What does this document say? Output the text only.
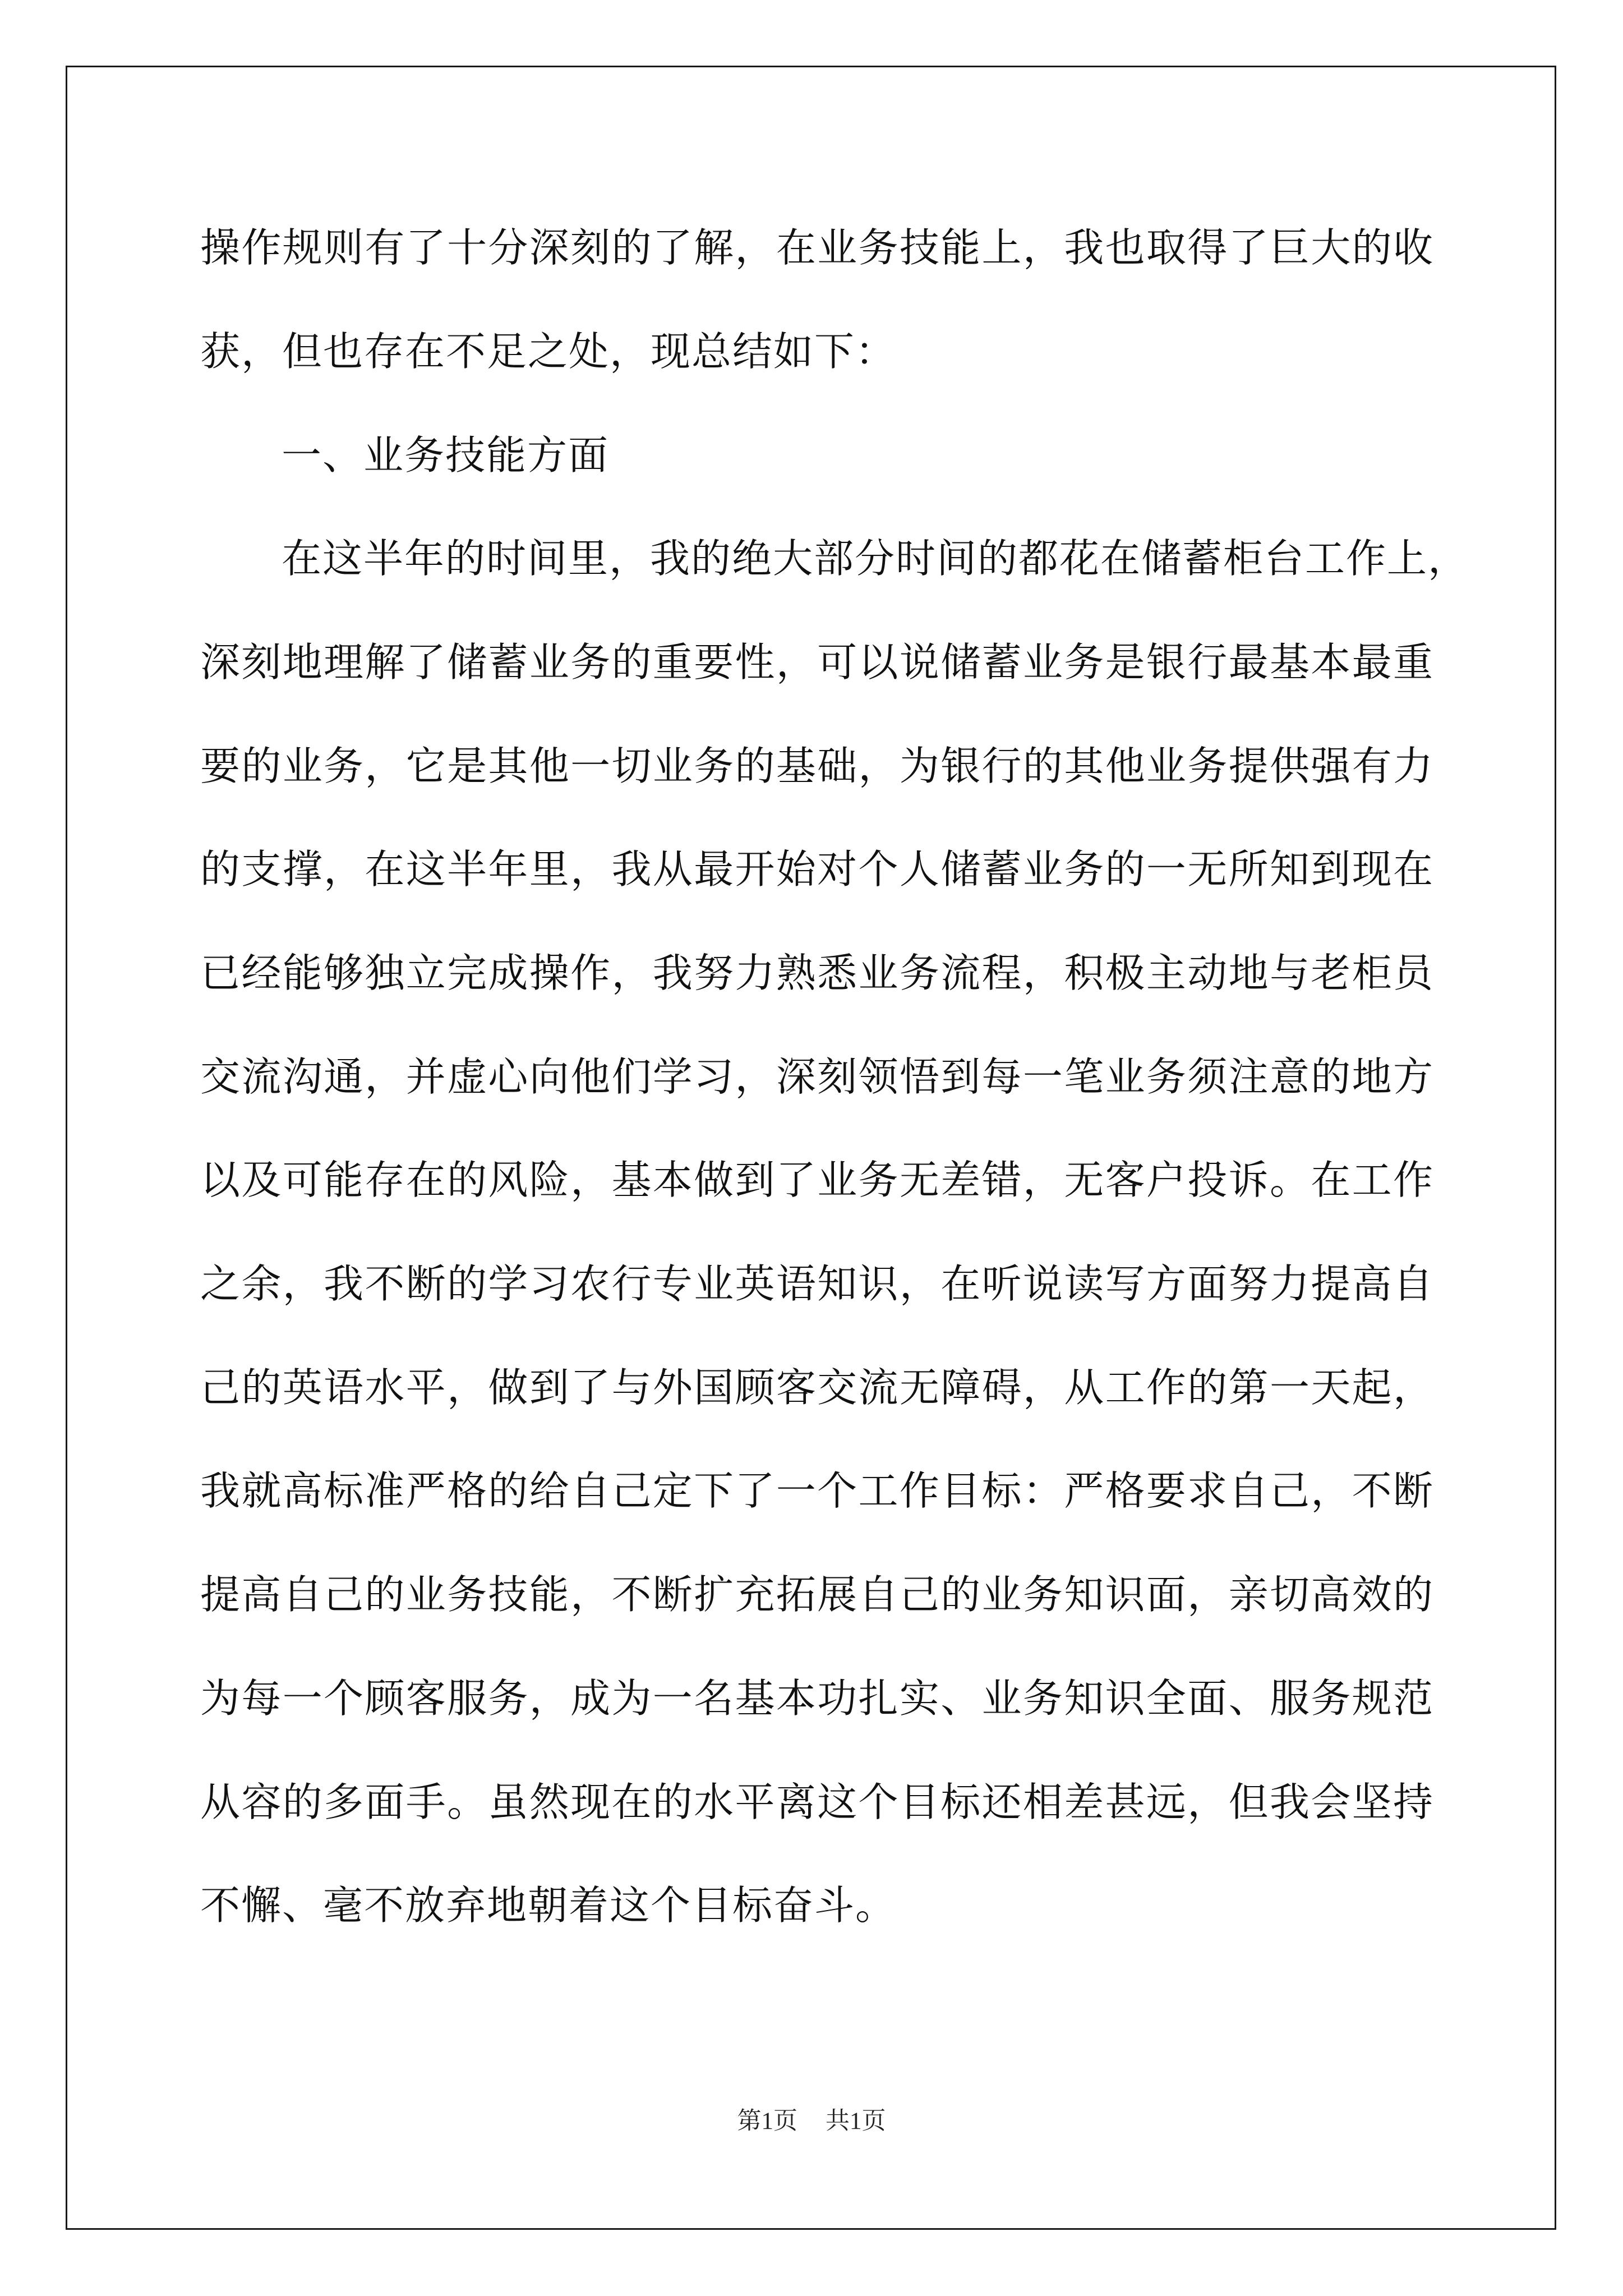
操作规则有了十分深刻的了解，在业务技能上，我也取得了巨大的收
获，但也存在不足之处，现总结如下：
一、业务技能方面
在这半年的时间里，我的绝大部分时间的都花在储蓄柜台工作上，
深刻地理解了储蓄业务的重要性，可以说储蓄业务是银行最基本最重
要的业务，它是其他一切业务的基础，为银行的其他业务提供强有力
的支撑，在这半年里，我从最开始对个人储蓄业务的一无所知到现在
已经能够独立完成操作，我努力熟悉业务流程，积极主动地与老柜员
交流沟通，并虚心向他们学习，深刻领悟到每一笔业务须注意的地方
以及可能存在的风险，基本做到了业务无差错，无客户投诉。在工作
之余，我不断的学习农行专业英语知识，在听说读写方面努力提高自
己的英语水平，做到了与外国顾客交流无障碍，从工作的第一天起，
我就高标准严格的给自己定下了一个工作目标：严格要求自己，不断
提高自己的业务技能，不断扩充拓展自己的业务知识面，亲切高效的
为每一个顾客服务，成为一名基本功扎实、业务知识全面、服务规范
从容的多面手。虽然现在的水平离这个目标还相差甚远，但我会坚持
不懈、毫不放弃地朝着这个目标奋斗。
第1页 共1页
